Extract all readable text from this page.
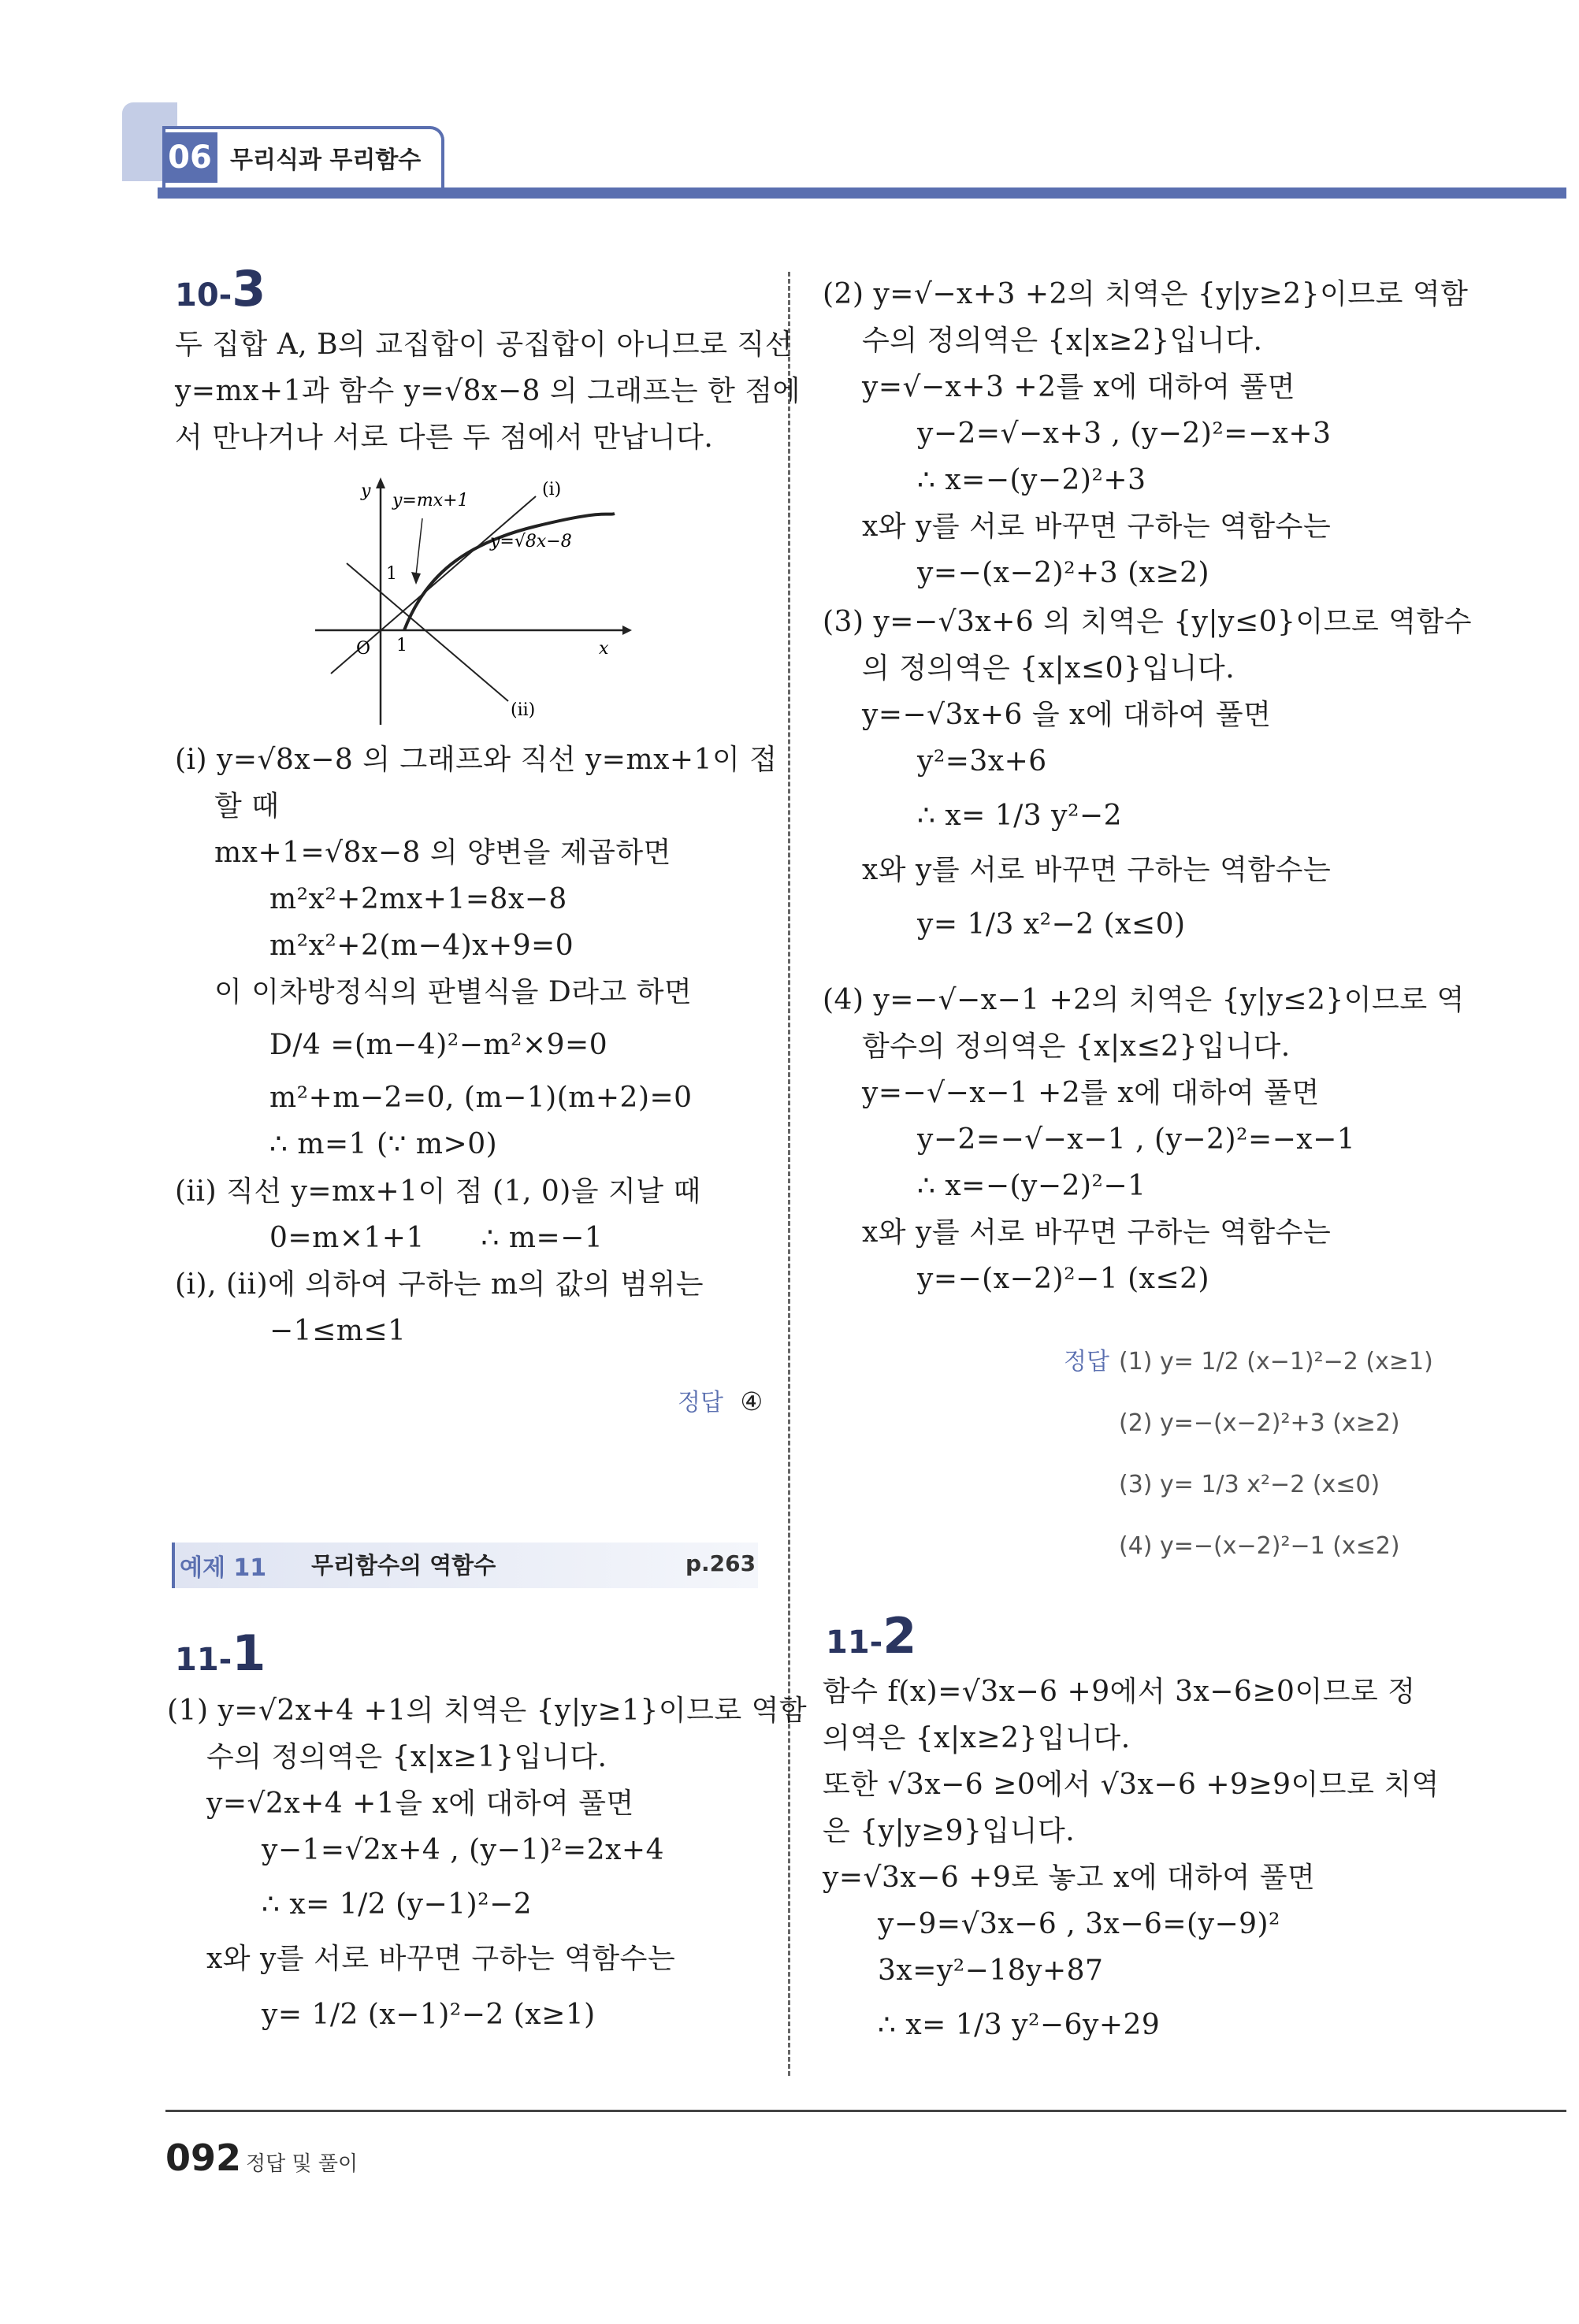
06 무리식과 무리함수
10-3
두 집합 A, B의 교집합이 공집합이 아니므로 직선
y=mx+1과 함수 y=√8x−8 의 그래프는 한 점에
서 만나거나 서로 다른 두 점에서 만납니다.
y
x
O
1
1
y=mx+1
y=√8x−8
(i)
(ii)
(i) y=√8x−8 의 그래프와 직선 y=mx+1이 접
할 때
mx+1=√8x−8 의 양변을 제곱하면
m²x²+2mx+1=8x−8
m²x²+2(m−4)x+9=0
이 이차방정식의 판별식을 D라고 하면
D/4 =(m−4)²−m²×9=0
m²+m−2=0, (m−1)(m+2)=0
∴ m=1 (∵ m>0)
(ii) 직선 y=mx+1이 점 (1, 0)을 지날 때
0=m×1+1      ∴ m=−1
(i), (ii)에 의하여 구하는 m의 값의 범위는
−1≤m≤1
정답 ④
예제 11 무리함수의 역함수	p.263
11-1
(1) y=√2x+4 +1의 치역은 {y|y≥1}이므로 역함
수의 정의역은 {x|x≥1}입니다.
y=√2x+4 +1을 x에 대하여 풀면
y−1=√2x+4 , (y−1)²=2x+4
∴ x= 1/2 (y−1)²−2
x와 y를 서로 바꾸면 구하는 역함수는
y= 1/2 (x−1)²−2 (x≥1)
(2) y=√−x+3 +2의 치역은 {y|y≥2}이므로 역함
수의 정의역은 {x|x≥2}입니다.
y=√−x+3 +2를 x에 대하여 풀면
y−2=√−x+3 , (y−2)²=−x+3
∴ x=−(y−2)²+3
x와 y를 서로 바꾸면 구하는 역함수는
y=−(x−2)²+3 (x≥2)
(3) y=−√3x+6 의 치역은 {y|y≤0}이므로 역함수
의 정의역은 {x|x≤0}입니다.
y=−√3x+6 을 x에 대하여 풀면
y²=3x+6
∴ x= 1/3 y²−2
x와 y를 서로 바꾸면 구하는 역함수는
y= 1/3 x²−2 (x≤0)
(4) y=−√−x−1 +2의 치역은 {y|y≤2}이므로 역
함수의 정의역은 {x|x≤2}입니다.
y=−√−x−1 +2를 x에 대하여 풀면
y−2=−√−x−1 , (y−2)²=−x−1
∴ x=−(y−2)²−1
x와 y를 서로 바꾸면 구하는 역함수는
y=−(x−2)²−1 (x≤2)
정답 (1) y= 1/2 (x−1)²−2 (x≥1)
(2) y=−(x−2)²+3 (x≥2)
(3) y= 1/3 x²−2 (x≤0)
(4) y=−(x−2)²−1 (x≤2)
11-2
함수 f(x)=√3x−6 +9에서 3x−6≥0이므로 정
의역은 {x|x≥2}입니다.
또한 √3x−6 ≥0에서 √3x−6 +9≥9이므로 치역
은 {y|y≥9}입니다.
y=√3x−6 +9로 놓고 x에 대하여 풀면
y−9=√3x−6 , 3x−6=(y−9)²
3x=y²−18y+87
∴ x= 1/3 y²−6y+29
092 정답 및 풀이
